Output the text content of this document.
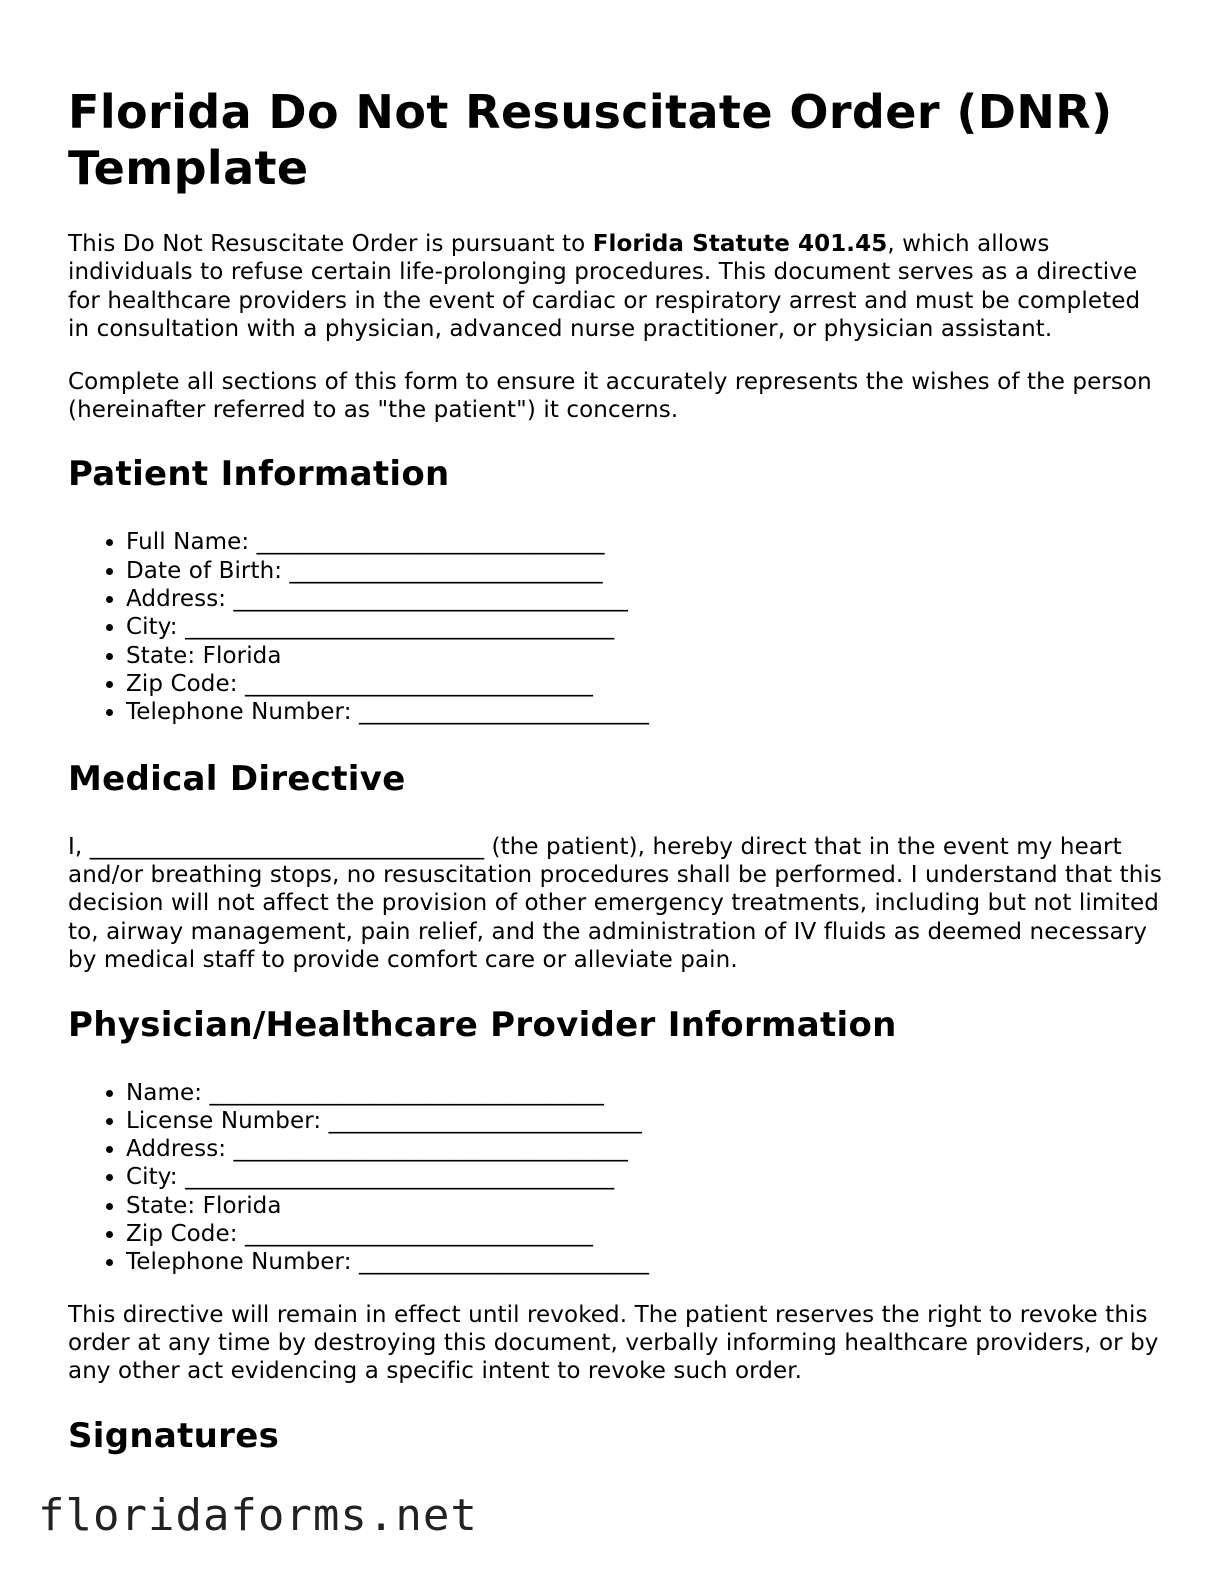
Florida Do Not Resuscitate Order (DNR) Template

This Do Not Resuscitate Order is pursuant to Florida Statute 401.45, which allows individuals to refuse certain life-prolonging procedures. This document serves as a directive for healthcare providers in the event of cardiac or respiratory arrest and must be completed in consultation with a physician, advanced nurse practitioner, or physician assistant.

Complete all sections of this form to ensure it accurately represents the wishes of the person (hereinafter referred to as "the patient") it concerns.

Patient Information
• Full Name: ______________________________
• Date of Birth: ___________________________
• Address: __________________________________
• City: _____________________________________
• State: Florida
• Zip Code: ______________________________
• Telephone Number: _________________________
Medical Directive

I, __________________________________ (the patient), hereby direct that in the event my heart and/or breathing stops, no resuscitation procedures shall be performed. I understand that this decision will not affect the provision of other emergency treatments, including but not limited to, airway management, pain relief, and the administration of IV fluids as deemed necessary by medical staff to provide comfort care or alleviate pain.

Physician/Healthcare Provider Information
• Name: __________________________________
• License Number: ___________________________
• Address: __________________________________
• City: _____________________________________
• State: Florida
• Zip Code: ______________________________
• Telephone Number: _________________________

This directive will remain in effect until revoked. The patient reserves the right to revoke this order at any time by destroying this document, verbally informing healthcare providers, or by any other act evidencing a specific intent to revoke such order.

Signatures
floridaforms.net
